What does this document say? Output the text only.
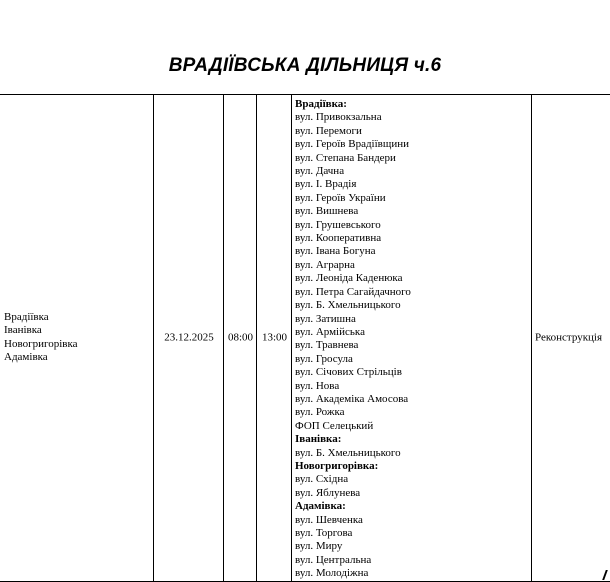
ВРАДІЇВСЬКА ДІЛЬНИЦЯ ч.6
Врадіївка
Іванівка
Новогригорівка
Адамівка
23.12.2025	08:00 13:00
Врадіївка:
вул. Привокзальна
вул. Перемоги
вул. Героїв Врадіївщини
вул. Степана Бандери
вул. Дачна
вул. І. Врадія
вул. Героїв України
вул. Вишнева
вул. Грушевського
вул. Кооперативна
вул. Івана Богуна
вул. Аграрна
вул. Леоніда Каденюка
вул. Петра Сагайдачного
вул. Б. Хмельницького
вул. Затишна
вул. Армійська
вул. Травнева
вул. Гросула
вул. Січових Стрільців
вул. Нова
вул. Академіка Амосова
вул. Рожка
ФОП Селецький
Іванівка:
вул. Б. Хмельницького
Новогригорівка:
вул. Східна
вул. Яблунева
Адамівка:
вул. Шевченка
вул. Торгова
вул. Миру
вул. Центральна
вул. Молодіжна
Реконструкція
